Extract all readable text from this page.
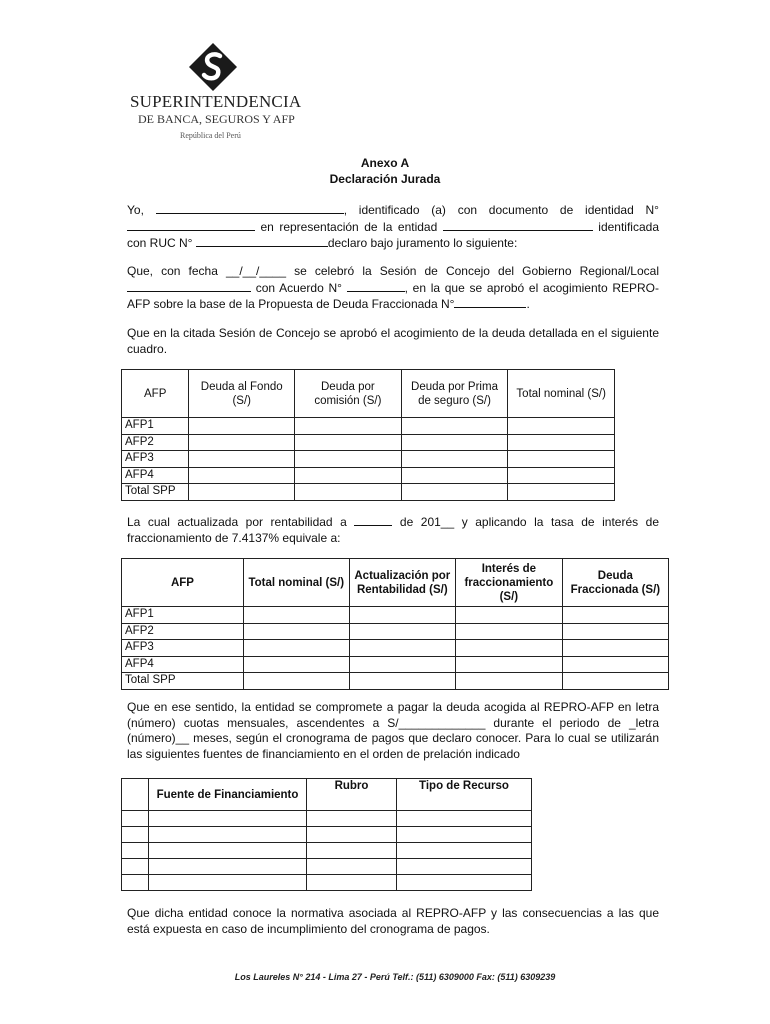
SUPERINTENDENCIA
DE BANCA, SEGUROS Y AFP
República del Perú
Anexo A
Declaración Jurada
Yo,	, identificado (a) con documento de identidad N° en representación de la entidad	identificada con RUC N°	declaro bajo juramento lo siguiente:
Que, con fecha __/__/____ se celebró la Sesión de Concejo del Gobierno Regional/Local  con Acuerdo N°	, en la que se aprobó el acogimiento REPRO-AFP sobre la base de la Propuesta de Deuda Fraccionada N°	.
Que en la citada Sesión de Concejo se aprobó el acogimiento de la deuda detallada en el siguiente cuadro.
AFP	Deuda al Fondo (S/)	Deuda por comisión (S/)	Deuda por Prima de seguro (S/)	Total nominal (S/)
AFP1				
AFP2				
AFP3				
AFP4				
Total SPP				
La cual actualizada por rentabilidad a	de 201__ y aplicando la tasa de interés de fraccionamiento de 7.4137% equivale a:
AFP	Total nominal (S/)	Actualización por Rentabilidad (S/)	Interés de fraccionamiento (S/)	Deuda Fraccionada (S/)
AFP1				
AFP2				
AFP3				
AFP4				
Total SPP				
Que en ese sentido, la entidad se compromete a pagar la deuda acogida al REPRO-AFP en letra (número) cuotas mensuales, ascendentes a S/_____________ durante el periodo de _letra (número)__ meses, según el cronograma de pagos que declaro conocer. Para lo cual se utilizarán las siguientes fuentes de financiamiento en el orden de prelación indicado
	Fuente de Financiamiento	Rubro	Tipo de Recurso

Que dicha entidad conoce la normativa asociada al REPRO-AFP y las consecuencias a las que está expuesta en caso de incumplimiento del cronograma de pagos.
Los Laureles N° 214 - Lima 27 - Perú Telf.: (511) 6309000 Fax: (511) 6309239
